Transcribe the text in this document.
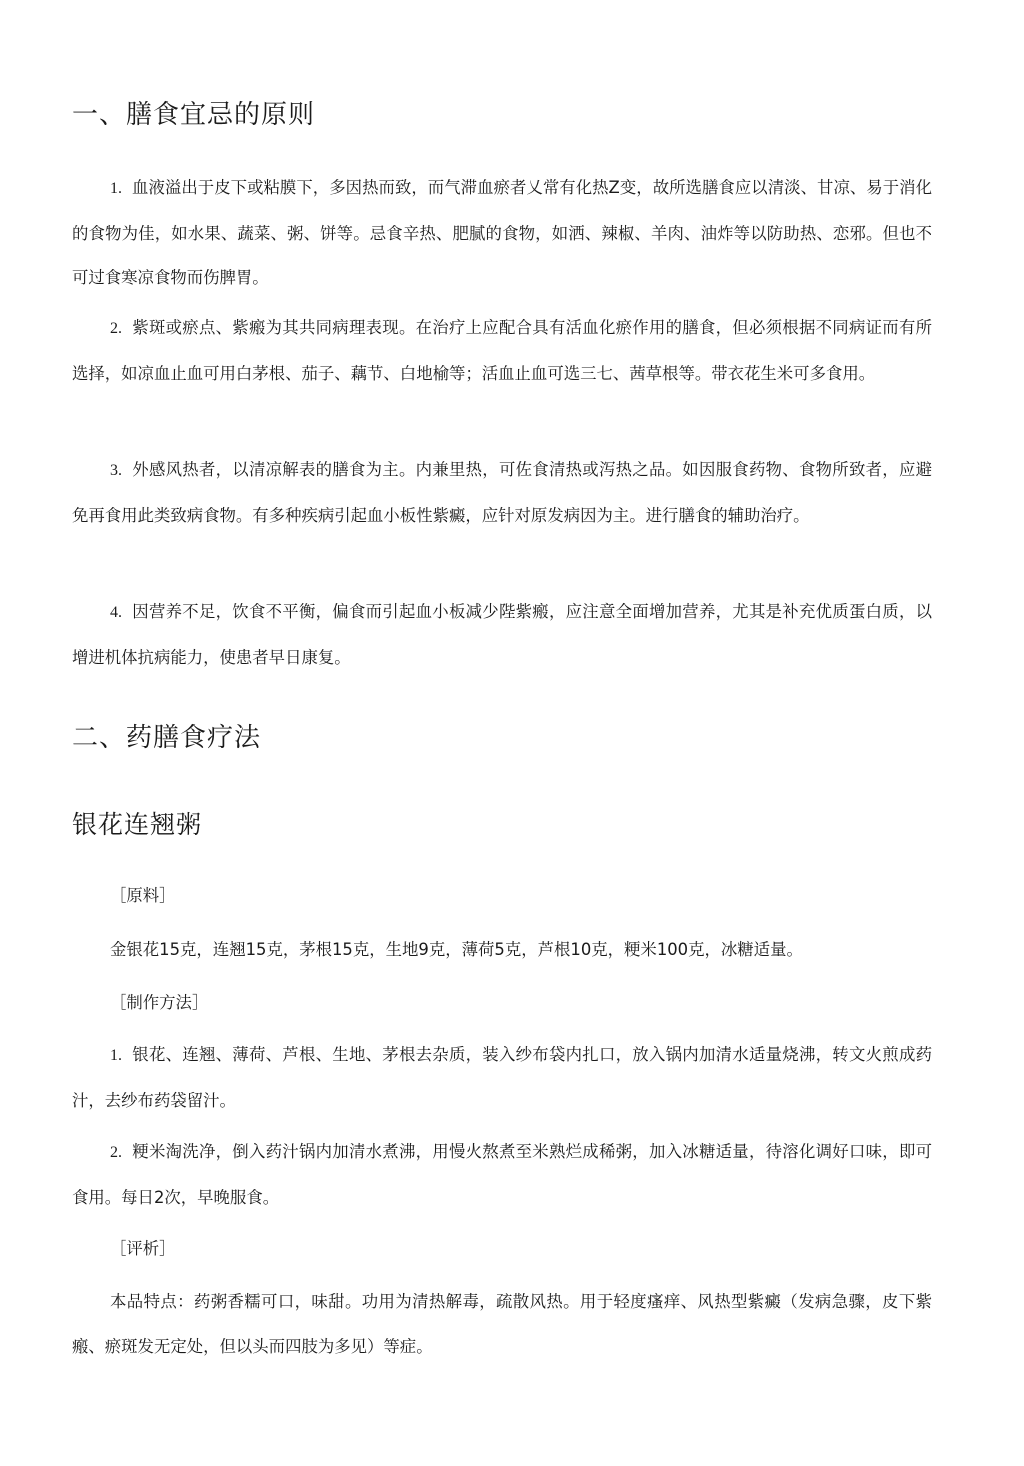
一、膳食宜忌的原则

1. 血液溢出于皮下或粘膜下，多因热而致，而气滞血瘀者乂常有化热Z变，故所选膳食应以清淡、甘凉、易于消化的食物为佳，如水果、蔬菜、粥、饼等。忌食辛热、肥腻的食物，如洒、辣椒、羊肉、油炸等以防助热、恋邪。但也不可过食寒凉食物而伤脾胃。

2. 紫斑或瘀点、紫瘢为其共同病理表现。在治疗上应配合具有活血化瘀作用的膳食，但必须根据不同病证而有所选择，如凉血止血可用白茅根、茄子、藕节、白地榆等；活血止血可选三七、茜草根等。带衣花生米可多食用。

3. 外感风热者，以清凉解表的膳食为主。内兼里热，可佐食清热或泻热之品。如因服食药物、食物所致者，应避免再食用此类致病食物。有多种疾病引起血小板性紫癜，应针对原发病因为主。进行膳食的辅助治疗。

4. 因营养不足，饮食不平衡，偏食而引起血小板减少陛紫瘢，应注意全面增加营养，尤其是补充优质蛋白质，以增进机体抗病能力，使患者早日康复。

二、药膳食疗法
银花连翘粥

［原料］

金银花15克，连翘15克，茅根15克，生地9克，薄荷5克，芦根10克，粳米100克，冰糖适量。

［制作方法］

1. 银花、连翘、薄荷、芦根、生地、茅根去杂质，装入纱布袋内扎口，放入锅内加清水适量烧沸，转文火煎成药汁，去纱布药袋留汁。

2. 粳米淘洗净，倒入药汁锅内加清水煮沸，用慢火熬煮至米熟烂成稀粥，加入冰糖适量，待溶化调好口味，即可食用。每日2次，早晚服食。

［评析］

本品特点：药粥香糯可口，味甜。功用为清热解毒，疏散风热。用于轻度瘙痒、风热型紫癜（发病急骤，皮下紫瘢、瘀斑发无定处，但以头而四肢为多见）等症。
